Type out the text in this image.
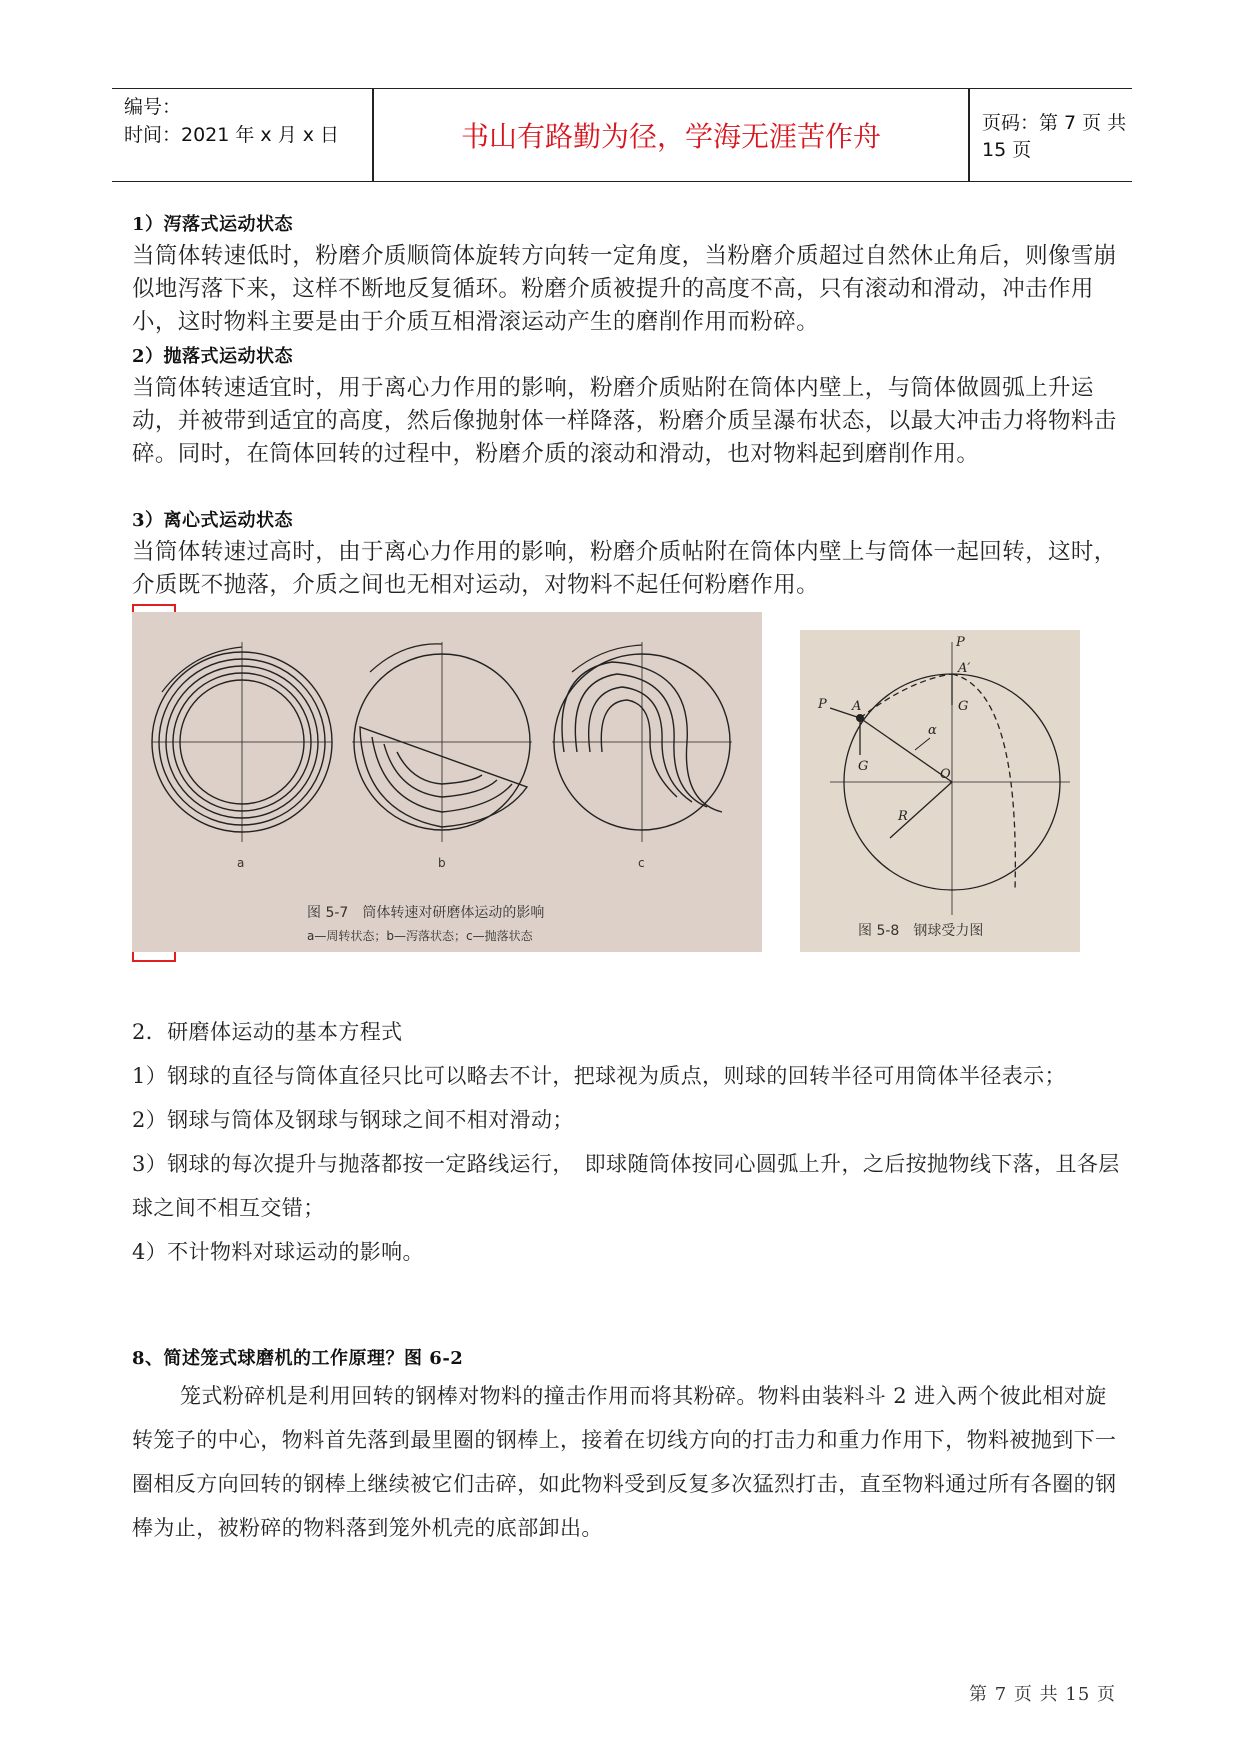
编号：
时间：2021 年 x 月 x 日	书山有路勤为径，学海无涯苦作舟	页码：第 7 页 共 15 页
1）泻落式运动状态
当筒体转速低时，粉磨介质顺筒体旋转方向转一定角度，当粉磨介质超过自然休止角后，则像雪崩似地泻落下来，这样不断地反复循环。粉磨介质被提升的高度不高，只有滚动和滑动，冲击作用小，这时物料主要是由于介质互相滑滚运动产生的磨削作用而粉碎。
2）抛落式运动状态
当筒体转速适宜时，用于离心力作用的影响，粉磨介质贴附在筒体内壁上，与筒体做圆弧上升运动，并被带到适宜的高度，然后像抛射体一样降落，粉磨介质呈瀑布状态，以最大冲击力将物料击碎。同时，在筒体回转的过程中，粉磨介质的滚动和滑动，也对物料起到磨削作用。
3）离心式运动状态
当筒体转速过高时，由于离心力作用的影响，粉磨介质帖附在筒体内壁上与筒体一起回转，这时，介质既不抛落，介质之间也无相对运动，对物料不起任何粉磨作用。
a	b	c
图 5-7　筒体转速对研磨体运动的影响
a—周转状态；b—泻落状态；c—抛落状态
P
A′
G
P A
α
G
O
R
图 5-8　钢球受力图
2．研磨体运动的基本方程式
1）钢球的直径与筒体直径只比可以略去不计，把球视为质点，则球的回转半径可用筒体半径表示；
2）钢球与筒体及钢球与钢球之间不相对滑动；
3）钢球的每次提升与抛落都按一定路线运行，　即球随筒体按同心圆弧上升，之后按抛物线下落，且各层球之间不相互交错；
4）不计物料对球运动的影响。
8、简述笼式球磨机的工作原理？图 6-2
笼式粉碎机是利用回转的钢棒对物料的撞击作用而将其粉碎。物料由装料斗 2 进入两个彼此相对旋转笼子的中心，物料首先落到最里圈的钢棒上，接着在切线方向的打击力和重力作用下，物料被抛到下一圈相反方向回转的钢棒上继续被它们击碎，如此物料受到反复多次猛烈打击，直至物料通过所有各圈的钢棒为止，被粉碎的物料落到笼外机壳的底部卸出。
第 7 页 共 15 页
